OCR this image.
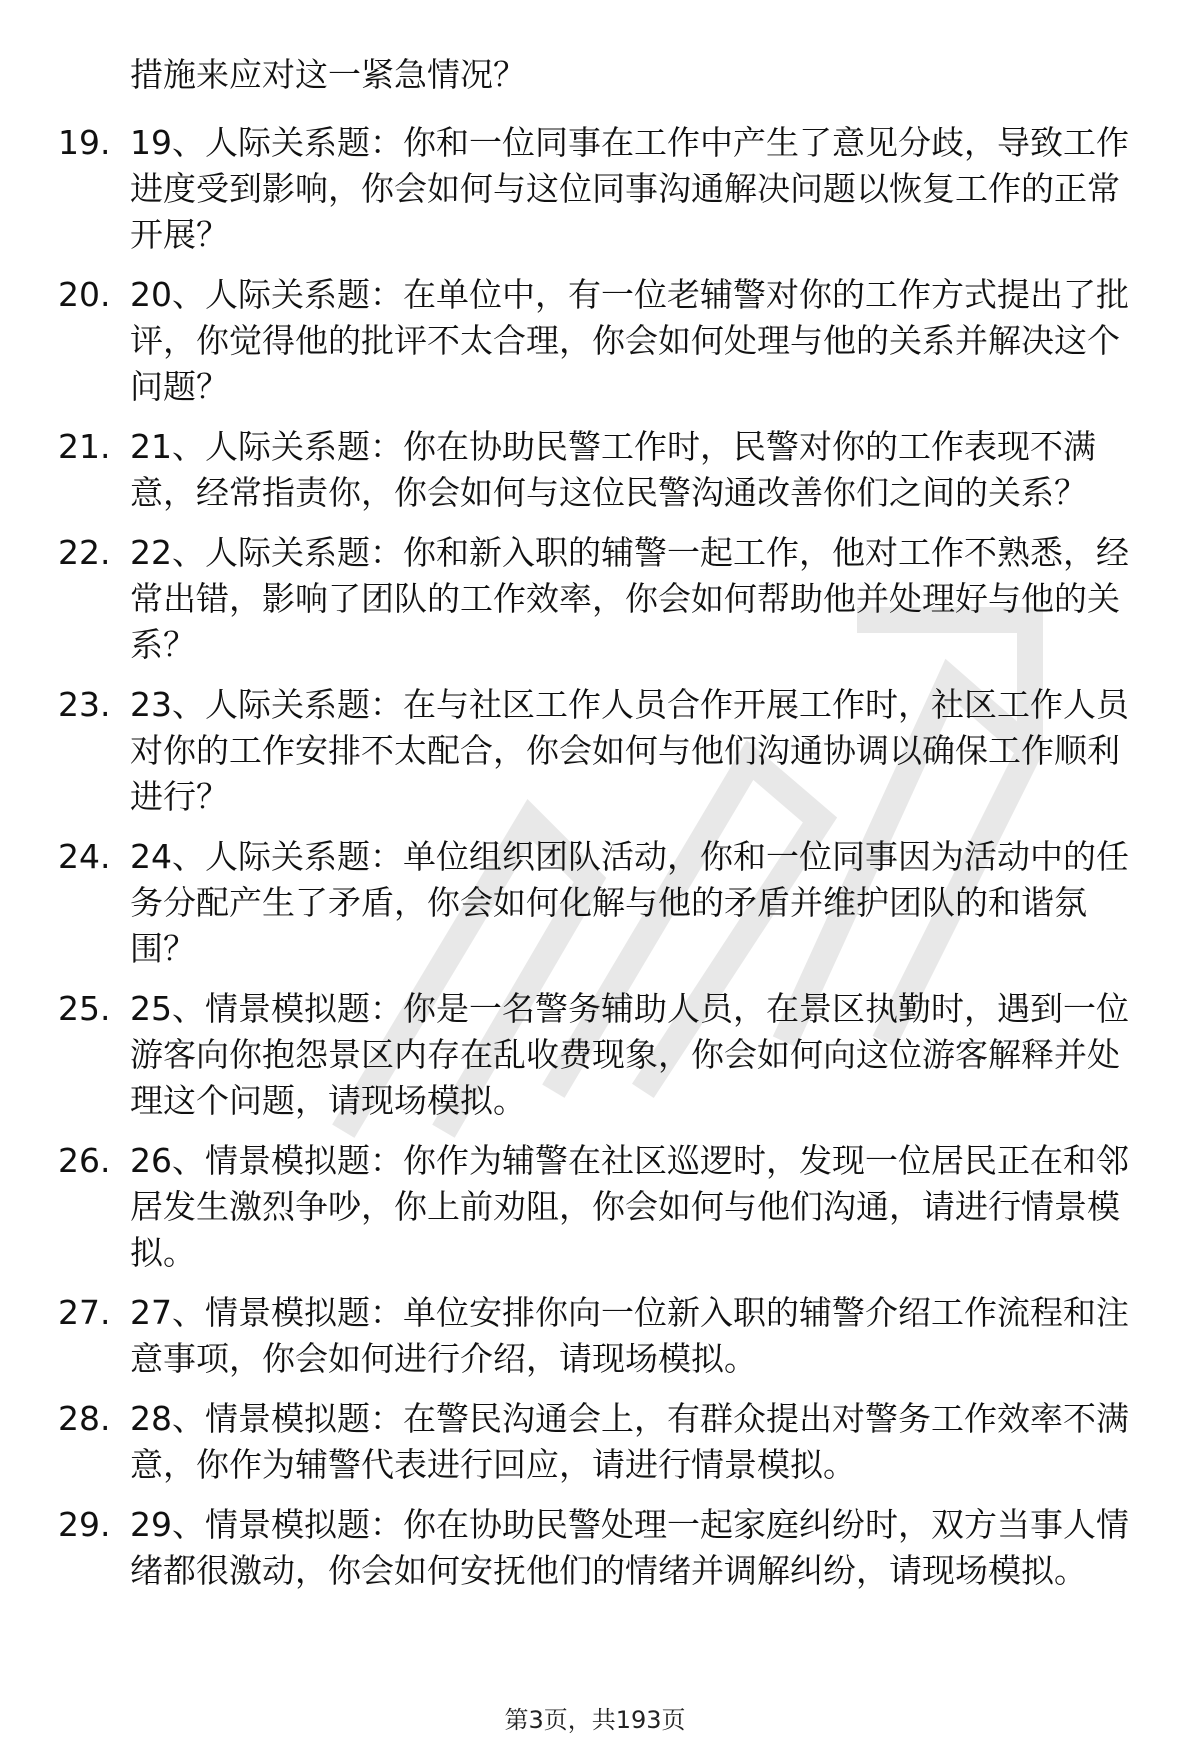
措施来应对这一紧急情况？
19. 19、人际关系题：你和一位同事在工作中产生了意见分歧，导致工作进度受到影响，你会如何与这位同事沟通解决问题以恢复工作的正常开展？
20. 20、人际关系题：在单位中，有一位老辅警对你的工作方式提出了批评，你觉得他的批评不太合理，你会如何处理与他的关系并解决这个问题？
21. 21、人际关系题：你在协助民警工作时，民警对你的工作表现不满意，经常指责你，你会如何与这位民警沟通改善你们之间的关系？
22. 22、人际关系题：你和新入职的辅警一起工作，他对工作不熟悉，经常出错，影响了团队的工作效率，你会如何帮助他并处理好与他的关系？
23. 23、人际关系题：在与社区工作人员合作开展工作时，社区工作人员对你的工作安排不太配合，你会如何与他们沟通协调以确保工作顺利进行？
24. 24、人际关系题：单位组织团队活动，你和一位同事因为活动中的任务分配产生了矛盾，你会如何化解与他的矛盾并维护团队的和谐氛围？
25. 25、情景模拟题：你是一名警务辅助人员，在景区执勤时，遇到一位游客向你抱怨景区内存在乱收费现象，你会如何向这位游客解释并处理这个问题，请现场模拟。
26. 26、情景模拟题：你作为辅警在社区巡逻时，发现一位居民正在和邻居发生激烈争吵，你上前劝阻，你会如何与他们沟通，请进行情景模拟。
27. 27、情景模拟题：单位安排你向一位新入职的辅警介绍工作流程和注意事项，你会如何进行介绍，请现场模拟。
28. 28、情景模拟题：在警民沟通会上，有群众提出对警务工作效率不满意，你作为辅警代表进行回应，请进行情景模拟。
29. 29、情景模拟题：你在协助民警处理一起家庭纠纷时，双方当事人情绪都很激动，你会如何安抚他们的情绪并调解纠纷，请现场模拟。
第3页，共193页
